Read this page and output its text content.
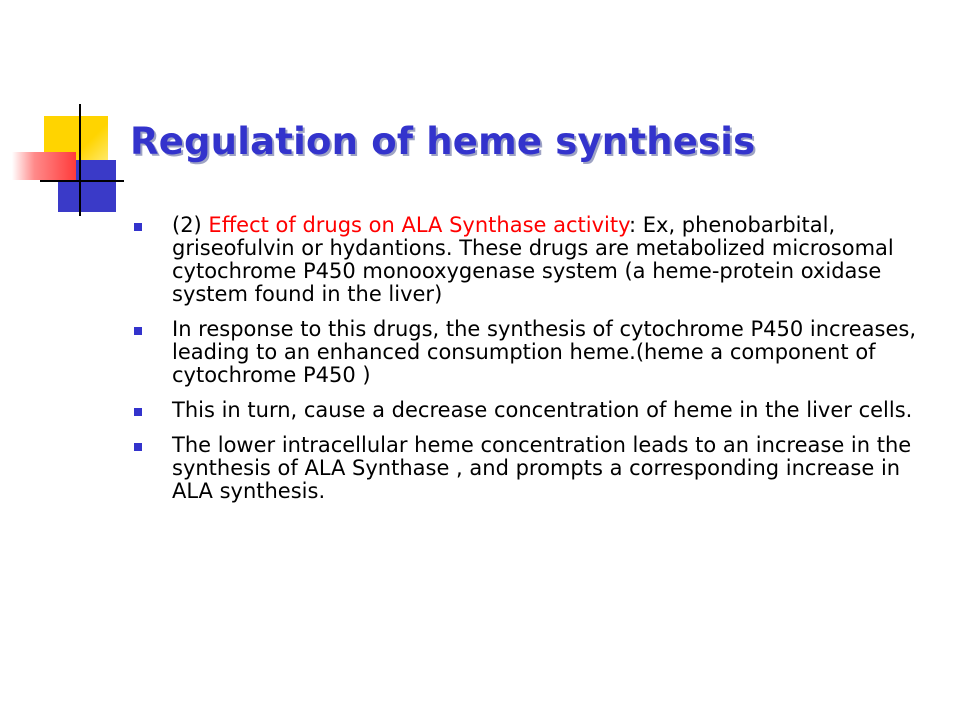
Regulation of heme synthesis
(2) Effect of drugs on ALA Synthase activity: Ex, phenobarbital, griseofulvin or hydantions. These drugs are metabolized microsomal cytochrome P450 monooxygenase system (a heme-protein oxidase system found in the liver)
In response to this drugs, the synthesis of cytochrome P450 increases, leading to an enhanced consumption heme.(heme a component of cytochrome P450 )
This in turn, cause a decrease concentration of heme in the liver cells.
The lower intracellular heme concentration leads to an increase in the synthesis of ALA Synthase , and prompts a corresponding increase in ALA synthesis.
